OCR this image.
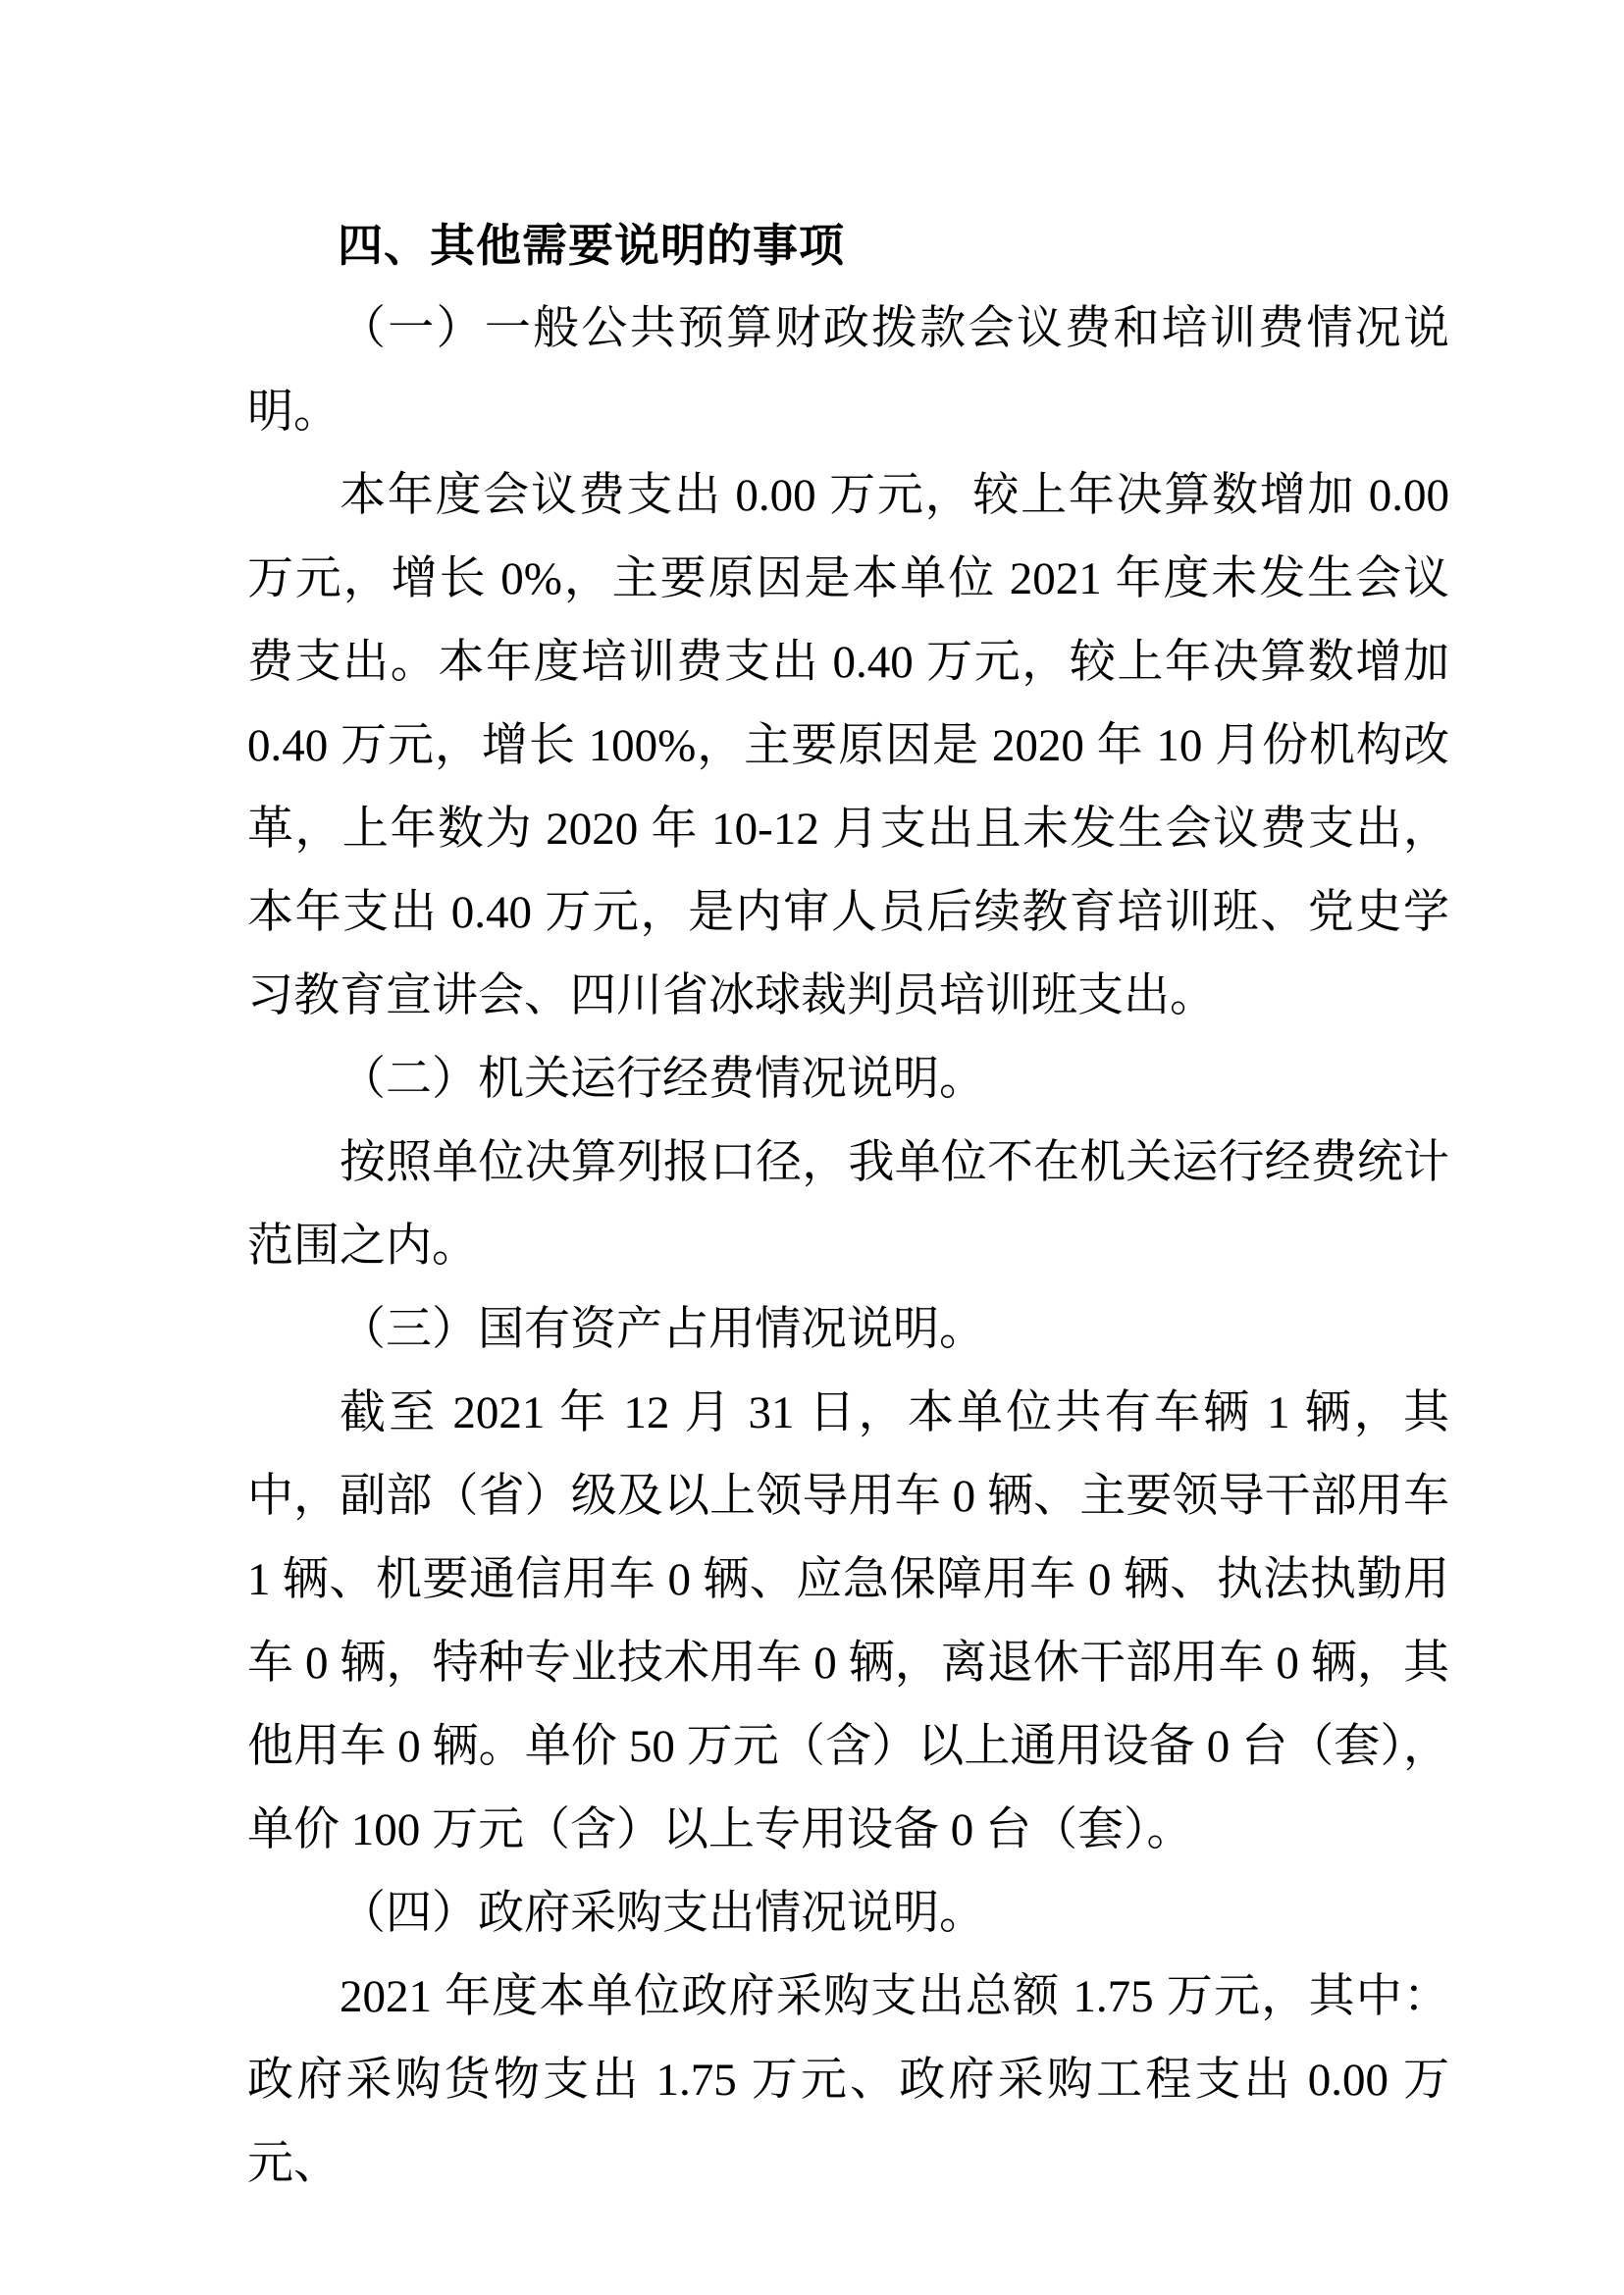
四、其他需要说明的事项

（一）一般公共预算财政拨款会议费和培训费情况说明。

本年度会议费支出 0.00 万元，较上年决算数增加 0.00 万元，增长 0%，主要原因是本单位 2021 年度未发生会议费支出。本年度培训费支出 0.40 万元，较上年决算数增加 0.40 万元，增长 100%，主要原因是 2020 年 10 月份机构改革，上年数为 2020 年 10-12 月支出且未发生会议费支出，本年支出 0.40 万元，是内审人员后续教育培训班、党史学习教育宣讲会、四川省冰球裁判员培训班支出。

（二）机关运行经费情况说明。

按照单位决算列报口径，我单位不在机关运行经费统计范围之内。

（三）国有资产占用情况说明。

截至 2021 年 12 月 31 日，本单位共有车辆 1 辆，其中，副部（省）级及以上领导用车 0 辆、主要领导干部用车 1 辆、机要通信用车 0 辆、应急保障用车 0 辆、执法执勤用车 0 辆，特种专业技术用车 0 辆，离退休干部用车 0 辆，其他用车 0 辆。单价 50 万元（含）以上通用设备 0 台（套），单价 100 万元（含）以上专用设备 0 台（套）。

（四）政府采购支出情况说明。

2021 年度本单位政府采购支出总额 1.75 万元，其中：政府采购货物支出 1.75 万元、政府采购工程支出 0.00 万元、
